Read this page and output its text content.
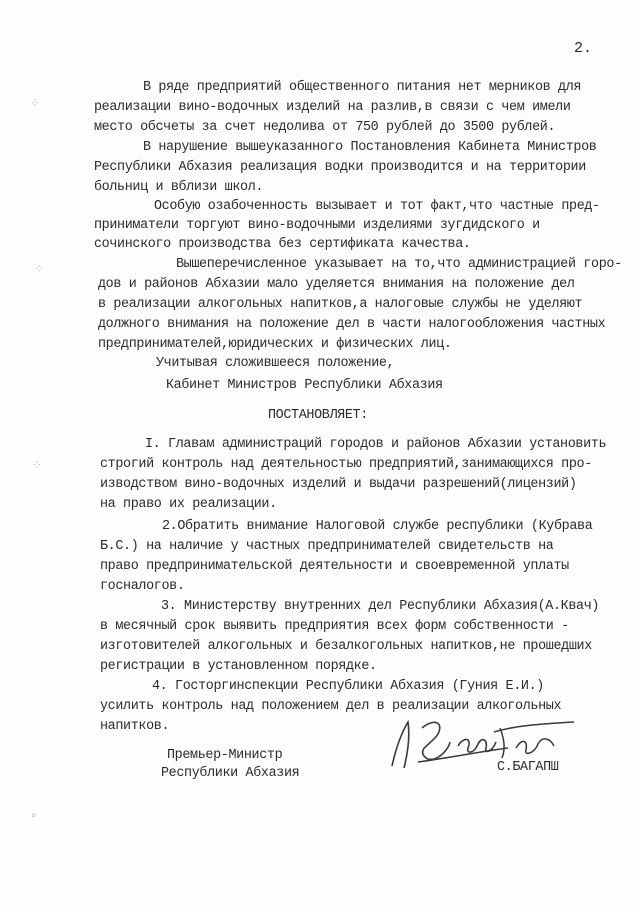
2.
⁘
⁘
⁘
∘
В ряде предприятий общественного питания нет мерников для
реализации вино-водочных изделий на разлив,в связи с чем имели
место обсчеты за счет недолива от 750 рублей до 3500 рублей.
В нарушение вышеуказанного Постановления Кабинета Министров
Республики Абхазия реализация водки производится и на территории
больниц и вблизи школ.
Особую озабоченность вызывает и тот факт,что частные пред-
приниматели торгуют вино-водочными изделиями зугдидского и
сочинского производства без сертификата качества.
Вышеперечисленное указывает на то,что администрацией горо-
дов и районов Абхазии мало уделяется внимания на положение дел
в реализации алкогольных напитков,а налоговые службы не уделяют
должного внимания на положение дел в части налогообложения частных
предпринимателей,юридических и физических лиц.
Учитывая сложившееся положение,
Кабинет Министров Республики Абхазия
ПОСТАНОВЛЯЕТ:
I. Главам администраций городов и районов Абхазии установить
строгий контроль над деятельностью предприятий,занимающихся про-
изводством вино-водочных изделий и выдачи разрешений(лицензий)
на право их реализации.
2.Обратить внимание Налоговой службе республики (Кубрава
Б.С.) на наличие у частных предпринимателей свидетельств на
право предпринимательской деятельности и своевременной уплаты
госналогов.
3. Министерству внутренних дел Республики Абхазия(А.Квач)
в месячный срок выявить предприятия всех форм собственности -
изготовителей алкогольных и безалкогольных напитков,не прошедших
регистрации в установленном порядке.
4. Госторгинспекции Республики Абхазия (Гуния Е.И.)
усилить контроль над положением дел в реализации алкогольных
напитков.
Премьер-Министр
Республики Абхазия	С.БАГАПШ
